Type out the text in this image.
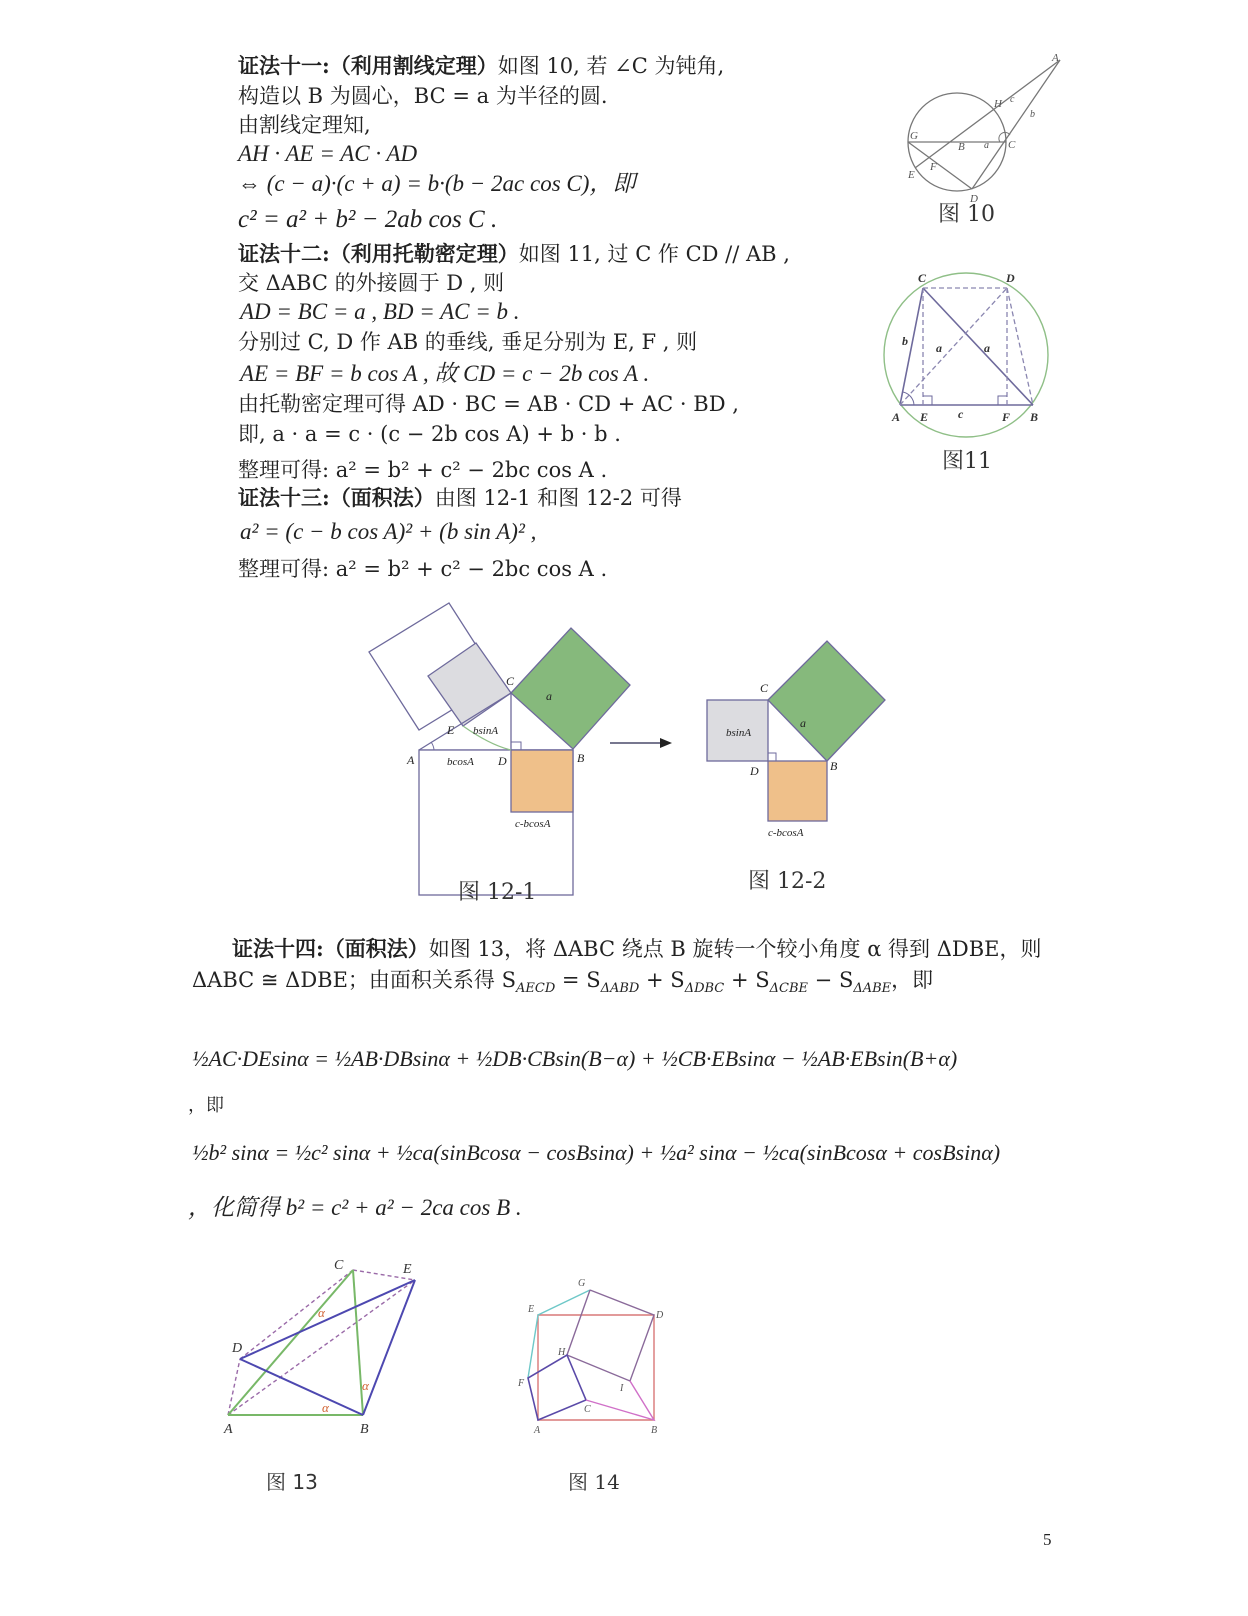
证法十一:（利用割线定理）如图 10, 若 ∠C 为钝角,
构造以 B 为圆心，BC = a 为半径的圆.
由割线定理知,
AH · AE = AC · AD
⇔ (c − a)·(c + a) = b·(b − 2ac cos C)，即
c² = a² + b² − 2ab cos C .
证法十二:（利用托勒密定理）如图 11, 过 C 作 CD // AB ,
交 ΔABC 的外接圆于 D , 则
AD = BC = a , BD = AC = b .
分别过 C, D 作 AB 的垂线, 垂足分别为 E, F , 则
AE = BF = b cos A , 故 CD = c − 2b cos A .
由托勒密定理可得 AD · BC = AB · CD + AC · BD ,
即, a · a = c · (c − 2b cos A) + b · b .
整理可得: a² = b² + c² − 2bc cos A .
证法十三:（面积法）由图 12-1 和图 12-2 可得
a² = (c − b cos A)² + (b sin A)² ,
整理可得: a² = b² + c² − 2bc cos A .
A
H c
b
G
B a C
E
F
D
图 10
C	D
b a	a
A E c	F B
图11
C
a
E bsinA
A	bcosA D	B
c-bcosA
图 12-1
C
bsinA
a
D	B
c-bcosA
图 12-2
证法十四:（面积法）如图 13，将 ΔABC 绕点 B 旋转一个较小角度 α 得到 ΔDBE，则
ΔABC ≅ ΔDBE；由面积关系得 $S_{AECD} = S_{\Delta ABD} + S_{\Delta DBC} + S_{\Delta CBE} - S_{\Delta ABE}$，即
½AC·DEsinα = ½AB·DBsinα + ½DB·CBsin(B−α) + ½CB·EBsinα − ½AB·EBsin(B+α)
，即
½b² sinα = ½c² sinα + ½ca(sinBcosα − cosBsinα) + ½a² sinα − ½ca(sinBcosα + cosBsinα)
，化简得 b² = c² + a² − 2ca cos B .
C	E
D
α
α
α
A	B
图 13
G
E
D
H
F	I
C
A	B
图 14
5
